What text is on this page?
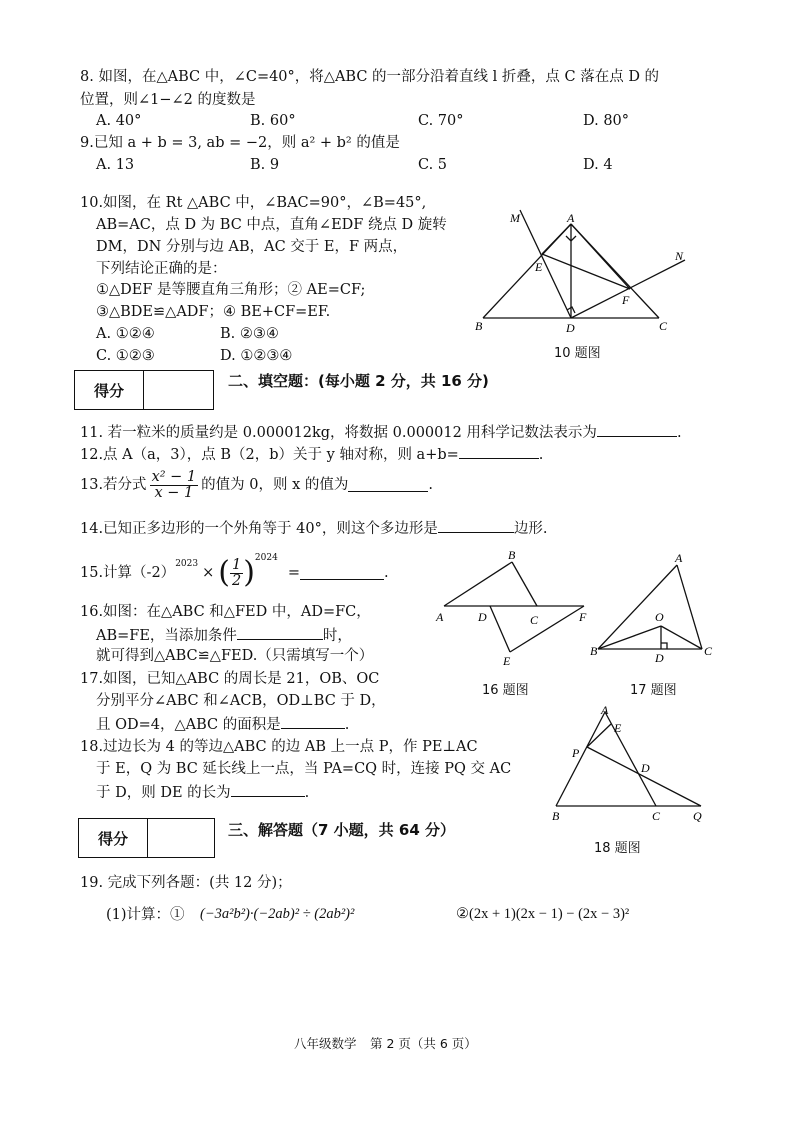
8. 如图，在△ABC 中，∠C=40°，将△ABC 的一部分沿着直线 l 折叠，点 C 落在点 D 的
位置，则∠1−∠2 的度数是
A. 40°	B. 60°	C. 70°	D. 80°
9.已知 a + b = 3, ab = −2，则 a² + b² 的值是
A. 13	B. 9	C. 5	D. 4
10.如图，在 Rt △ABC 中，∠BAC=90°，∠B=45°,
AB=AC，点 D 为 BC 中点，直角∠EDF 绕点 D 旋转
DM，DN 分别与边 AB，AC 交于 E，F 两点，
下列结论正确的是：
①△DEF 是等腰直角三角形；② AE=CF;
③△BDE≌△ADF；④ BE+CF=EF.
A. ①②④	B. ②③④
C. ①②③	D. ①②③④
A
B	C
D
E
F
M
N
10 题图
得分
二、填空题：(每小题 2 分，共 16 分)
11. 若一粒米的质量约是 0.000012kg，将数据 0.000012 用科学记数法表示为	.
12.点 A（a，3），点 B（2，b）关于 y 轴对称，则 a+b=	.
13.若分式 $\frac{\text{x² − 1}}{x - 1}$ 的值为 0，则 x 的值为	.
14.已知正多边形的一个外角等于 40°，则这个多边形是	边形.
15.计算（-2）
$^{2023}$
× ( $\frac{1}{2} )^{2024}$
=	.
16.如图：在△ABC 和△FED 中，AD=FC，
AB=FE，当添加条件	时，
就可得到△ABC≌△FED.（只需填写一个）
B
A	D	C	F
E
16 题图
A
B	C
D
O
17 题图
17.如图，已知△ABC 的周长是 21，OB、OC
分别平分∠ABC 和∠ACB，OD⊥BC 于 D，
且 OD=4，△ABC 的面积是	.
18.过边长为 4 的等边△ABC 的边 AB 上一点 P，作 PE⊥AC
于 E，Q 为 BC 延长线上一点，当 PA=CQ 时，连接 PQ 交 AC
于 D，则 DE 的长为	.
A
E
P
D
B	C	Q
18 题图
得分	三、解答题（7 小题，共 64 分）
19. 完成下列各题：(共 12 分)；
(1)计算：① (−3a²b²)·(−2ab)² ÷ (2ab²)²	②(2x + 1)(2x − 1) − (2x − 3)²
八年级数学 第 2 页（共 6 页）
